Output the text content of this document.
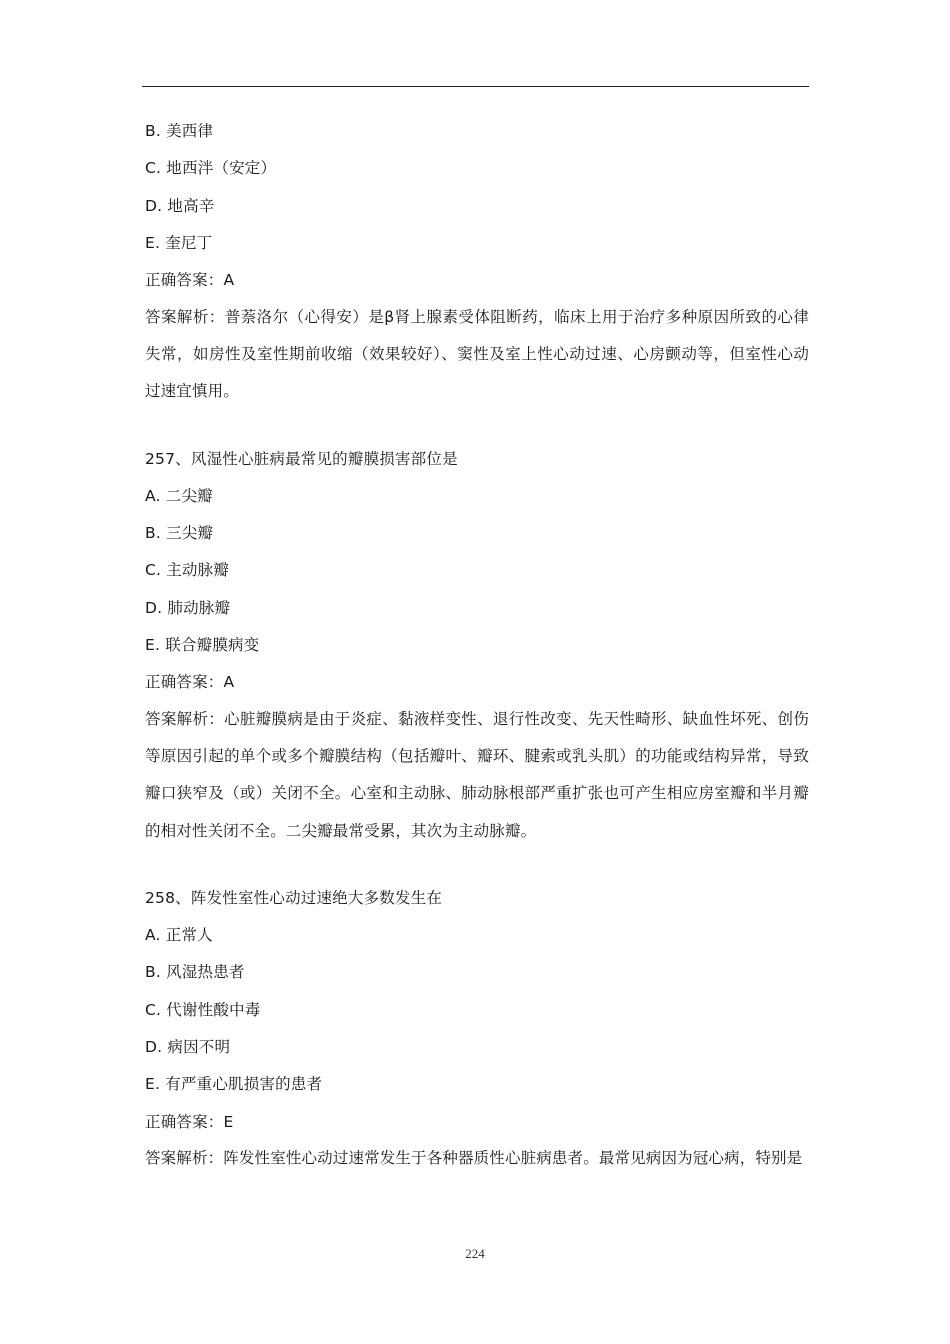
B. 美西律
C. 地西泮（安定）
D. 地高辛
E. 奎尼丁
正确答案：A
答案解析：普萘洛尔（心得安）是β肾上腺素受体阻断药，临床上用于治疗多种原因所致的心律失常，如房性及室性期前收缩（效果较好）、窦性及室上性心动过速、心房颤动等，但室性心动过速宜慎用。
257、风湿性心脏病最常见的瓣膜损害部位是
A. 二尖瓣
B. 三尖瓣
C. 主动脉瓣
D. 肺动脉瓣
E. 联合瓣膜病变
正确答案：A
答案解析：心脏瓣膜病是由于炎症、黏液样变性、退行性改变、先天性畸形、缺血性坏死、创伤等原因引起的单个或多个瓣膜结构（包括瓣叶、瓣环、腱索或乳头肌）的功能或结构异常，导致瓣口狭窄及（或）关闭不全。心室和主动脉、肺动脉根部严重扩张也可产生相应房室瓣和半月瓣的相对性关闭不全。二尖瓣最常受累，其次为主动脉瓣。
258、阵发性室性心动过速绝大多数发生在
A. 正常人
B. 风湿热患者
C. 代谢性酸中毒
D. 病因不明
E. 有严重心肌损害的患者
正确答案：E
答案解析：阵发性室性心动过速常发生于各种器质性心脏病患者。最常见病因为冠心病，特别是
224
